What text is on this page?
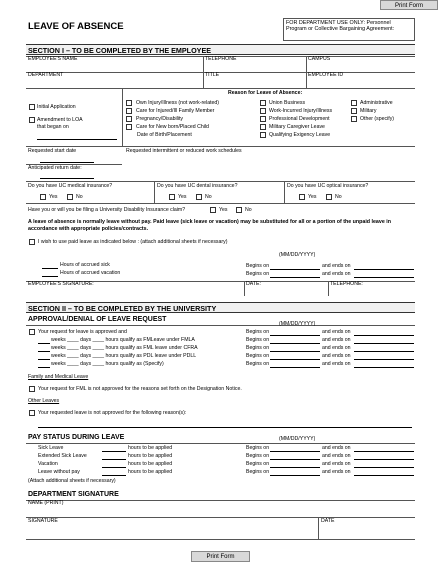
Print Form
LEAVE OF ABSENCE	FOR DEPARTMENT USE ONLY: Personnel Program or Collective Bargaining Agreement:
SECTION I – TO BE COMPLETED BY THE EMPLOYEE
EMPLOYEE'S NAME	TELEPHONE	CAMPUS
DEPARTMENT	TITLE	EMPLOYEE ID
Reason for Leave of Absence:
Initial Application
Amendment to LOA
that began on
Own Injury/Illness (not work-related)
Care for Injured/Ill Family Member
Pregnancy/Disability
Care for New born/Placed Child
Date of Birth/Placement
Union Business
Work-Incurred Injury/Illness
Professional Development
Military Caregiver Leave
Qualifying Exigency Leave
Administrative
Military
Other (specify)
Requested start date	Requested intermittent or reduced work schedules
Anticipated return date:
Do you have UC medical insurance?
Yes	No
Do you have UC dental insurance?
Yes	No
Do you have UC optical insurance?
Yes	No
Have you or will you be filing a University Disability Insurance claim?	Yes	No
A leave of absence is normally leave without pay. Paid leave (sick leave or vacation) may be substituted for all or a portion of the unpaid leave in accordance with appropriate policies/contracts.
I wish to use paid leave as indicated below : (attach additional sheets if necessary)
(MM/DD/YYYY)
Hours of accrued sick
Hours of accrued vacation
Begins on	and ends on
Begins on	and ends on
EMPLOYEE'S SIGNATURE:	DATE:	TELEPHONE:
SECTION II – TO BE COMPLETED BY THE UNIVERSITY
APPROVAL/DENIAL OF LEAVE REQUEST
(MM/DD/YYYY)
Your request for leave is approved and	Begins on	and ends on
weeks ____ days ____ hours qualify as FMLeave under FMLA	Begins on	and ends on
weeks ____ days ____ hours qualify as FML leave under CFRA	Begins on	and ends on
weeks ____ days ____ hours qualify as PDL leave under PDLL	Begins on	and ends on
weeks ____ days ____ hours qualify as (Specify)	Begins on	and ends on
Family and Medical Leave
Your request for FML is not approved for the reasons set forth on the Designation Notice.
Other Leaves
Your requested leave is not approved for the following reason(s):
PAY STATUS DURING LEAVE	(MM/DD/YYYY)
Sick Leave	hours to be applied	Begins on	and ends on
Extended Sick Leave	hours to be applied	Begins on	and ends on
Vacation	hours to be applied	Begins on	and ends on
Leave without pay	hours to be applied	Begins on	and ends on
(Attach additional sheets if necessary)
DEPARTMENT SIGNATURE
NAME (PRINT)
SIGNATURE	DATE
Print Form
